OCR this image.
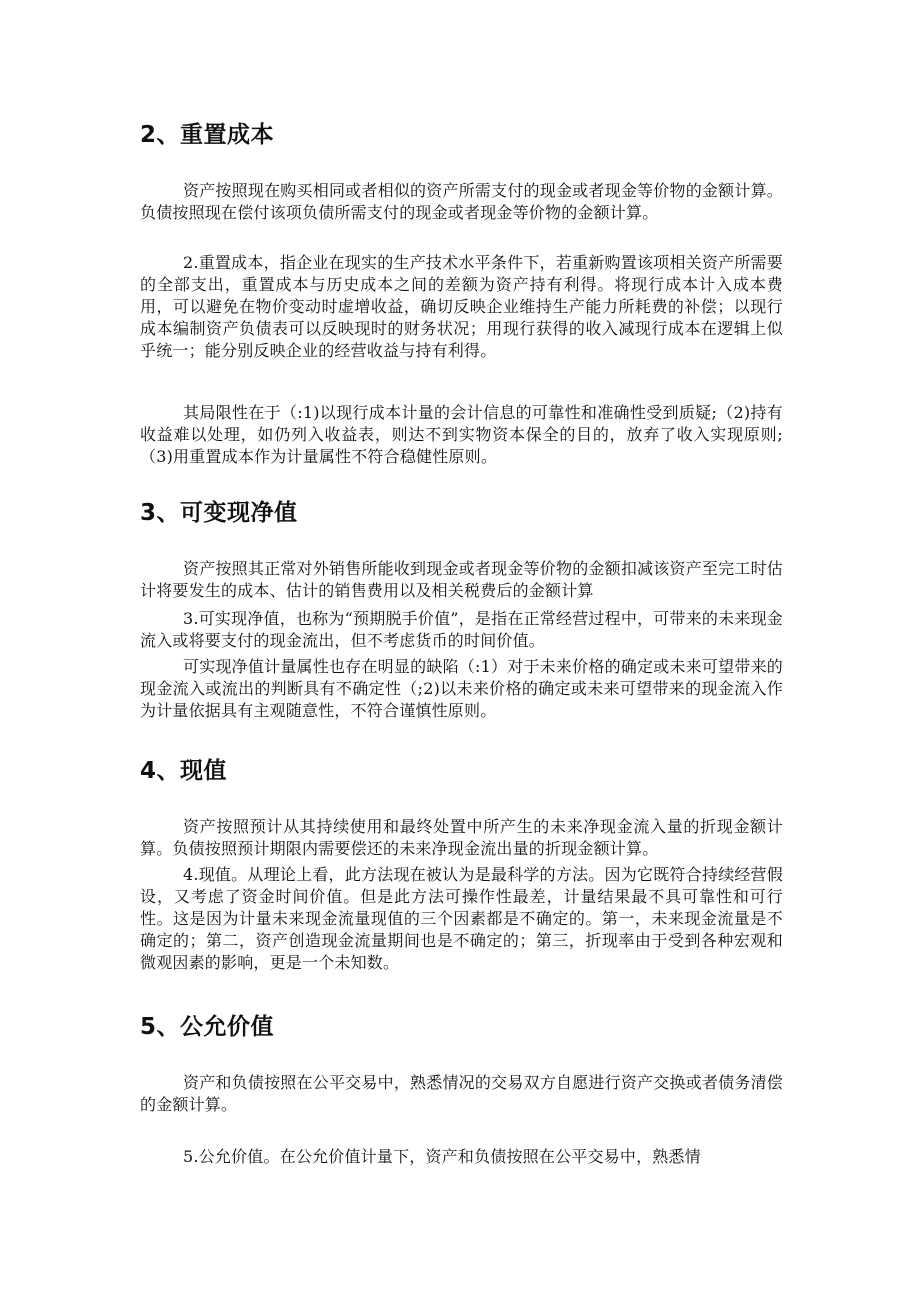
2、重置成本
资产按照现在购买相同或者相似的资产所需支付的现金或者现金等价物的金额计算。负债按照现在偿付该项负债所需支付的现金或者现金等价物的金额计算。
2.重置成本，指企业在现实的生产技术水平条件下，若重新购置该项相关资产所需要的全部支出，重置成本与历史成本之间的差额为资产持有利得。将现行成本计入成本费用，可以避免在物价变动时虚增收益，确切反映企业维持生产能力所耗费的补偿；以现行成本编制资产负债表可以反映现时的财务状况；用现行获得的收入减现行成本在逻辑上似乎统一；能分别反映企业的经营收益与持有利得。
其局限性在于（:1)以现行成本计量的会计信息的可靠性和准确性受到质疑;（2)持有收益难以处理，如仍列入收益表，则达不到实物资本保全的目的，放弃了收入实现原则;（3)用重置成本作为计量属性不符合稳健性原则。
3、可变现净值
资产按照其正常对外销售所能收到现金或者现金等价物的金额扣减该资产至完工时估计将要发生的成本、估计的销售费用以及相关税费后的金额计算
3.可实现净值，也称为“预期脱手价值”，是指在正常经营过程中，可带来的未来现金流入或将要支付的现金流出，但不考虑货币的时间价值。
可实现净值计量属性也存在明显的缺陷（:1）对于未来价格的确定或未来可望带来的现金流入或流出的判断具有不确定性（;2)以未来价格的确定或未来可望带来的现金流入作为计量依据具有主观随意性，不符合谨慎性原则。
4、现值
资产按照预计从其持续使用和最终处置中所产生的未来净现金流入量的折现金额计算。负债按照预计期限内需要偿还的未来净现金流出量的折现金额计算。
4.现值。从理论上看，此方法现在被认为是最科学的方法。因为它既符合持续经营假设，又考虑了资金时间价值。但是此方法可操作性最差，计量结果最不具可靠性和可行性。这是因为计量未来现金流量现值的三个因素都是不确定的。第一，未来现金流量是不确定的；第二，资产创造现金流量期间也是不确定的；第三，折现率由于受到各种宏观和微观因素的影响，更是一个未知数。
5、公允价值
资产和负债按照在公平交易中，熟悉情况的交易双方自愿进行资产交换或者债务清偿的金额计算。
5.公允价值。在公允价值计量下，资产和负债按照在公平交易中，熟悉情
